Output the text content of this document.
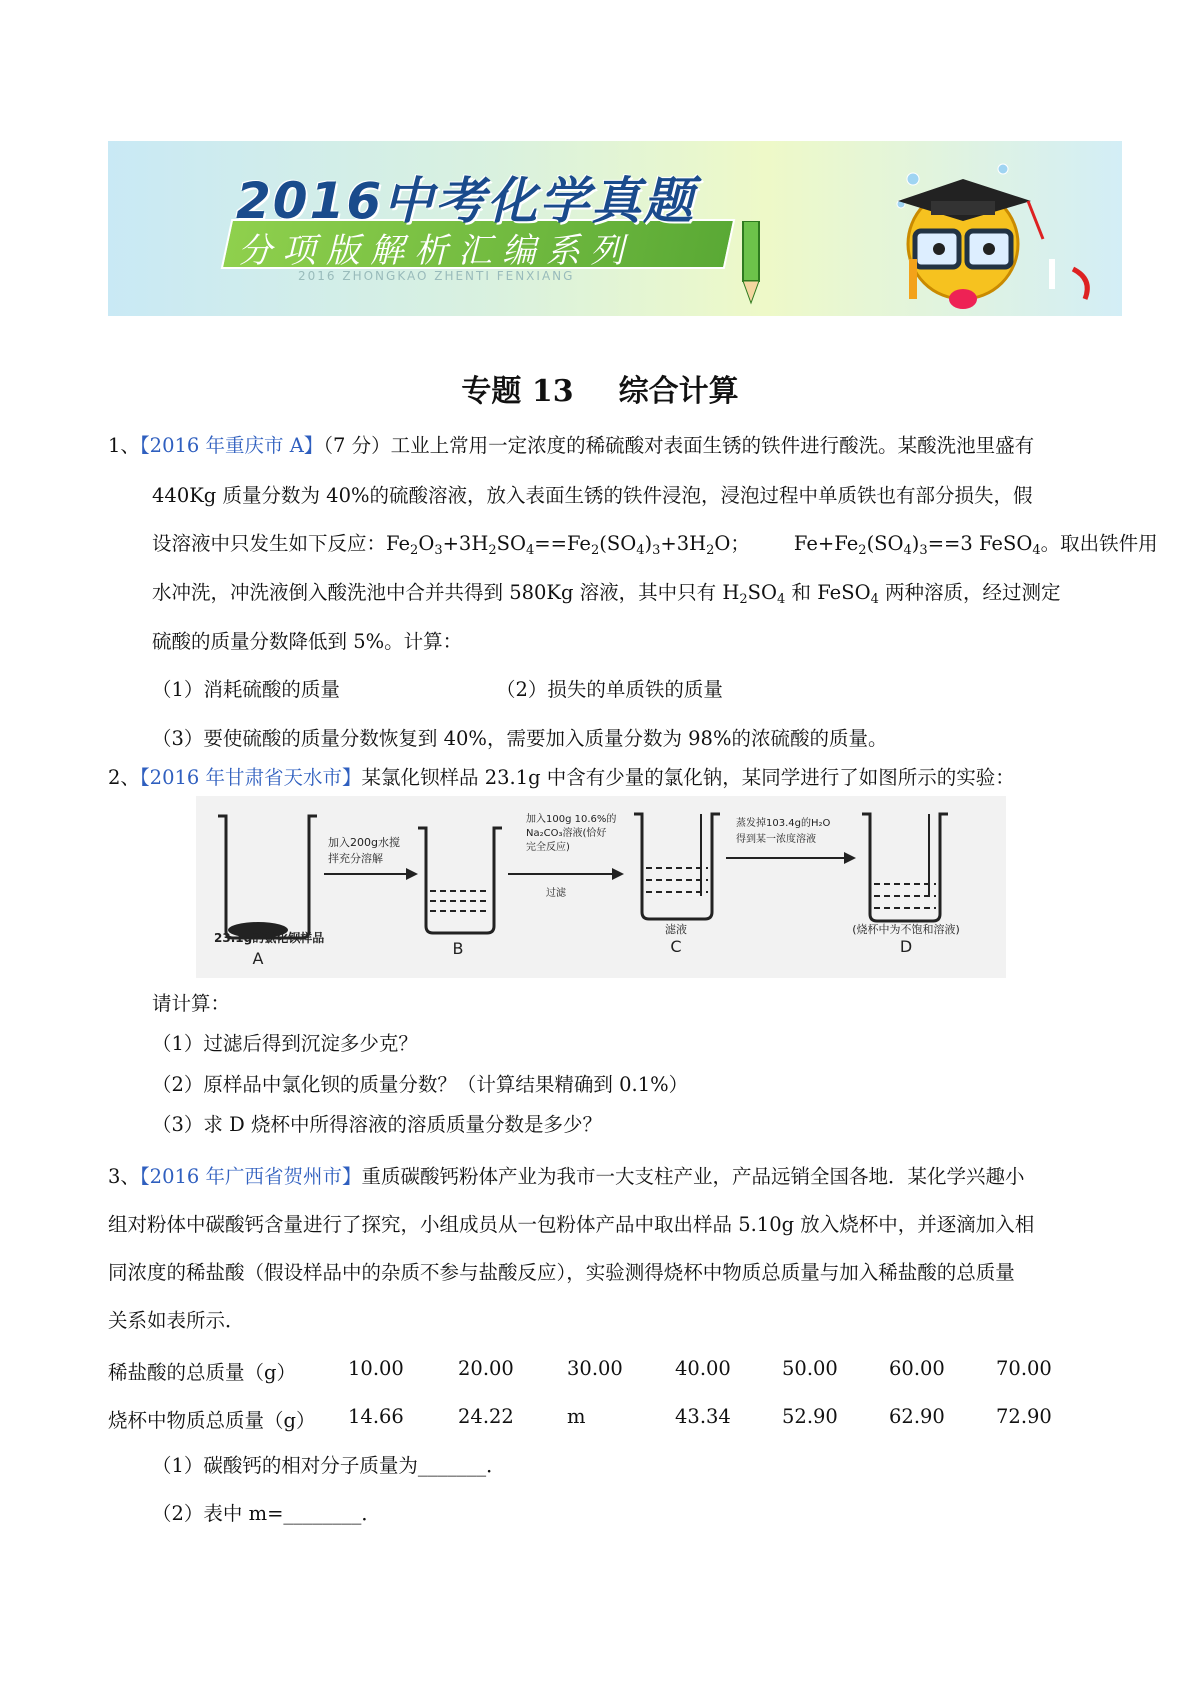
2016中考化学真题
分项版解析汇编系列
2016 ZHONGKAO ZHENTI FENXIANG
专题 13 综合计算
1、【2016 年重庆市 A】（7 分）工业上常用一定浓度的稀硫酸对表面生锈的铁件进行酸洗。某酸洗池里盛有
440Kg 质量分数为 40%的硫酸溶液，放入表面生锈的铁件浸泡，浸泡过程中单质铁也有部分损失，假
设溶液中只发生如下反应：$Fe_2O_3+3H_2SO_4==Fe_2(SO_4)_3+3H_2O$； $Fe+Fe_2(SO_4)_3==3$ FeSO$_4$。取出铁件用
水冲洗，冲洗液倒入酸洗池中合并共得到 580Kg 溶液，其中只有 $H_2SO_4$ 和 FeSO$_4$ 两种溶质，经过测定
硫酸的质量分数降低到 5%。计算：
（1）消耗硫酸的质量	（2）损失的单质铁的质量
（3）要使硫酸的质量分数恢复到 40%，需要加入质量分数为 98%的浓硫酸的质量。
2、【2016 年甘肃省天水市】某氯化钡样品 23.1g 中含有少量的氯化钠，某同学进行了如图所示的实验：
23.1g的氯化钡样品
A
加入200g水搅
拌充分溶解
B
加入100g 10.6%的
Na₂CO₃溶液(恰好
完全反应)
过滤
滤液
C
蒸发掉103.4g的H₂O
得到某一浓度溶液
(烧杯中为不饱和溶液)
D
请计算：
（1）过滤后得到沉淀多少克？
（2）原样品中氯化钡的质量分数？（计算结果精确到 0.1%）
（3）求 D 烧杯中所得溶液的溶质质量分数是多少？
3、【2016 年广西省贺州市】重质碳酸钙粉体产业为我市一大支柱产业，产品远销全国各地．某化学兴趣小
组对粉体中碳酸钙含量进行了探究，小组成员从一包粉体产品中取出样品 5.10g 放入烧杯中，并逐滴加入相
同浓度的稀盐酸（假设样品中的杂质不参与盐酸反应），实验测得烧杯中物质总质量与加入稀盐酸的总质量
关系如表所示．
稀盐酸的总质量（g）	10.00	20.00	30.00	40.00	50.00	60.00	70.00
烧杯中物质总质量（g） 14.66	24.22	m	43.34	52.90	62.90	72.90
（1）碳酸钙的相对分子质量为_______．
（2）表中 m=________．
